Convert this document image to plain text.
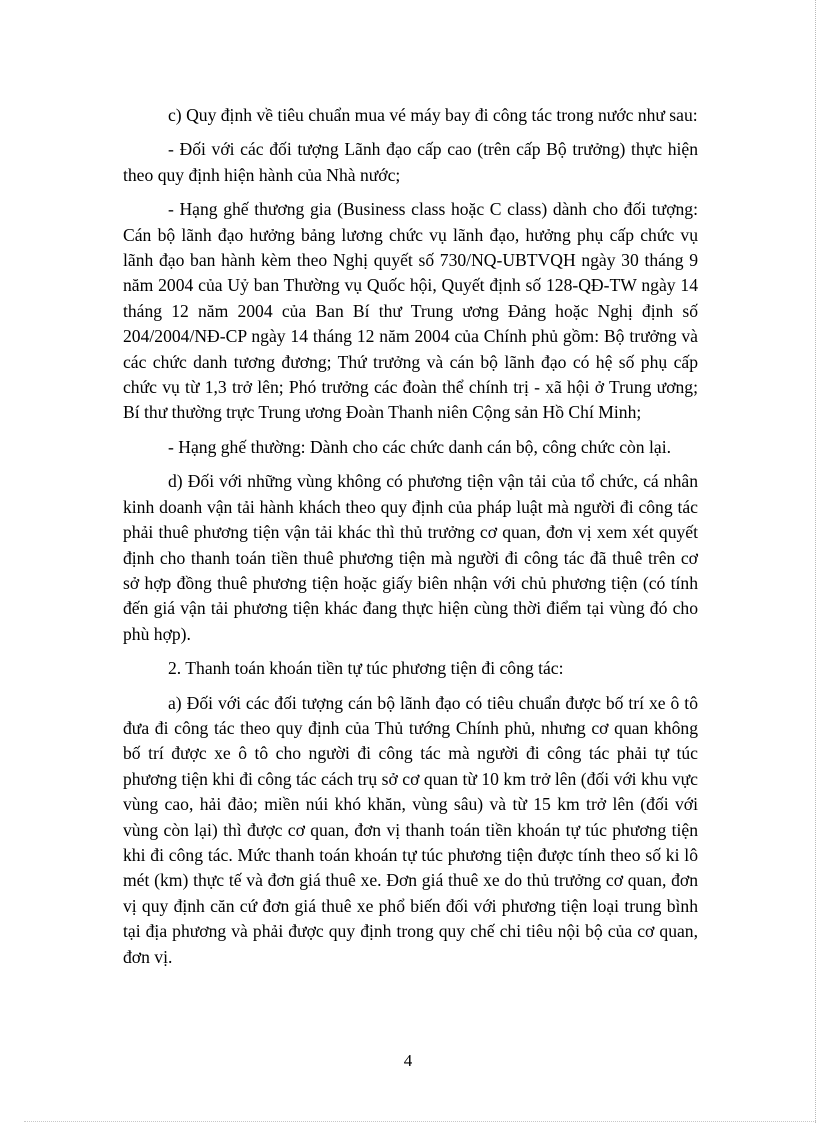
c) Quy định về tiêu chuẩn mua vé máy bay đi công tác trong nước như sau:

- Đối với các đối tượng Lãnh đạo cấp cao (trên cấp Bộ trưởng) thực hiện theo quy định hiện hành của Nhà nước;

- Hạng ghế thương gia (Business class hoặc C class) dành cho đối tượng: Cán bộ lãnh đạo hưởng bảng lương chức vụ lãnh đạo, hưởng phụ cấp chức vụ lãnh đạo ban hành kèm theo Nghị quyết số 730/NQ-UBTVQH ngày 30 tháng 9 năm 2004 của Uỷ ban Thường vụ Quốc hội, Quyết định số 128-QĐ-TW ngày 14 tháng 12 năm 2004 của Ban Bí thư Trung ương Đảng hoặc Nghị định số 204/2004/NĐ-CP ngày 14 tháng 12 năm 2004 của Chính phủ gồm: Bộ trưởng và các chức danh tương đương; Thứ trưởng và cán bộ lãnh đạo có hệ số phụ cấp chức vụ từ 1,3 trở lên; Phó trưởng các đoàn thể chính trị - xã hội ở Trung ương; Bí thư thường trực Trung ương Đoàn Thanh niên Cộng sản Hồ Chí Minh;

- Hạng ghế thường: Dành cho các chức danh cán bộ, công chức còn lại.

d) Đối với những vùng không có phương tiện vận tải của tổ chức, cá nhân kinh doanh vận tải hành khách theo quy định của pháp luật mà người đi công tác phải thuê phương tiện vận tải khác thì thủ trưởng cơ quan, đơn vị xem xét quyết định cho thanh toán tiền thuê phương tiện mà người đi công tác đã thuê trên cơ sở hợp đồng thuê phương tiện hoặc giấy biên nhận với chủ phương tiện (có tính đến giá vận tải phương tiện khác đang thực hiện cùng thời điểm tại vùng đó cho phù hợp).

2. Thanh toán khoán tiền tự túc phương tiện đi công tác:

a) Đối với các đối tượng cán bộ lãnh đạo có tiêu chuẩn được bố trí xe ô tô đưa đi công tác theo quy định của Thủ tướng Chính phủ, nhưng cơ quan không bố trí được xe ô tô cho người đi công tác mà người đi công tác phải tự túc phương tiện khi đi công tác cách trụ sở cơ quan từ 10 km trở lên (đối với khu vực vùng cao, hải đảo; miền núi khó khăn, vùng sâu) và từ 15 km trở lên (đối với vùng còn lại) thì được cơ quan, đơn vị thanh toán tiền khoán tự túc phương tiện khi đi công tác. Mức thanh toán khoán tự túc phương tiện được tính theo số ki lô mét (km) thực tế và đơn giá thuê xe. Đơn giá thuê xe do thủ trưởng cơ quan, đơn vị quy định căn cứ đơn giá thuê xe phổ biến đối với phương tiện loại trung bình tại địa phương và phải được quy định trong quy chế chi tiêu nội bộ của cơ quan, đơn vị.

4
